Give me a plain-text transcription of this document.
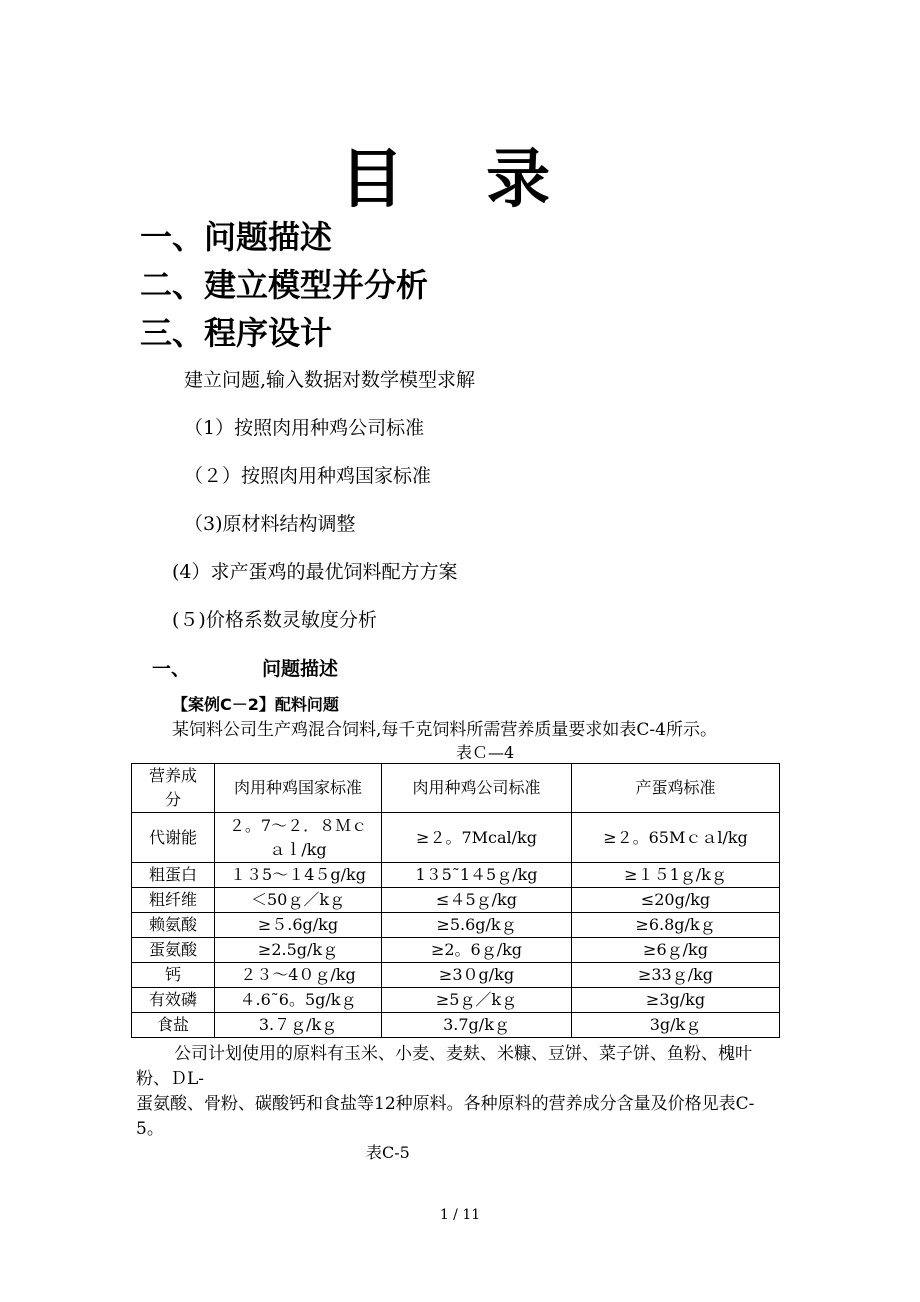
目 录
一、问题描述
二、建立模型并分析
三、程序设计
建立问题,输入数据对数学模型求解
（1）按照肉用种鸡公司标准
（２）按照肉用种鸡国家标准
（3)原材料结构调整
(4）求产蛋鸡的最优饲料配方方案
(５)价格系数灵敏度分析
一、	问题描述
【案例C－2】配料问题
某饲料公司生产鸡混合饲料,每千克饲料所需营养质量要求如表C-4所示。
表Ｃ—4
营养成分	肉用种鸡国家标准	肉用种鸡公司标准	产蛋鸡标准
代谢能	２。7～２．８Ｍｃａｌ/kg	≥２。7Mcal/kg	≥２。65Mｃａl/kg
粗蛋白	１３5～１4５g/kg	1３5˜1４5ｇ/kg	≥１５1ｇ/kｇ
粗纤维	＜50ｇ／kｇ	≤４5ｇ/kg	≤20g/kg
赖氨酸	≥５.6g/kg	≥5.6g/kｇ	≥6.8g/kｇ
蛋氨酸	≥2.5g/kｇ	≥2。6ｇ/kg	≥6ｇ/kg
钙	２３～4０ｇ/kg	≥3０g/kg	≥33ｇ/kg
有效磷	４.6˜6。5g/kｇ	≥5ｇ／kｇ	≥3g/kg
食盐	3.７ｇ/kｇ	3.7g/kｇ	3g/kｇ

公司计划使用的原料有玉米、小麦、麦麸、米糠、豆饼、菜子饼、鱼粉、槐叶粉、ＤL-

蛋氨酸、骨粉、碳酸钙和食盐等12种原料。各种原料的营养成分含量及价格见表C-5。

表C-5
1 / 11
